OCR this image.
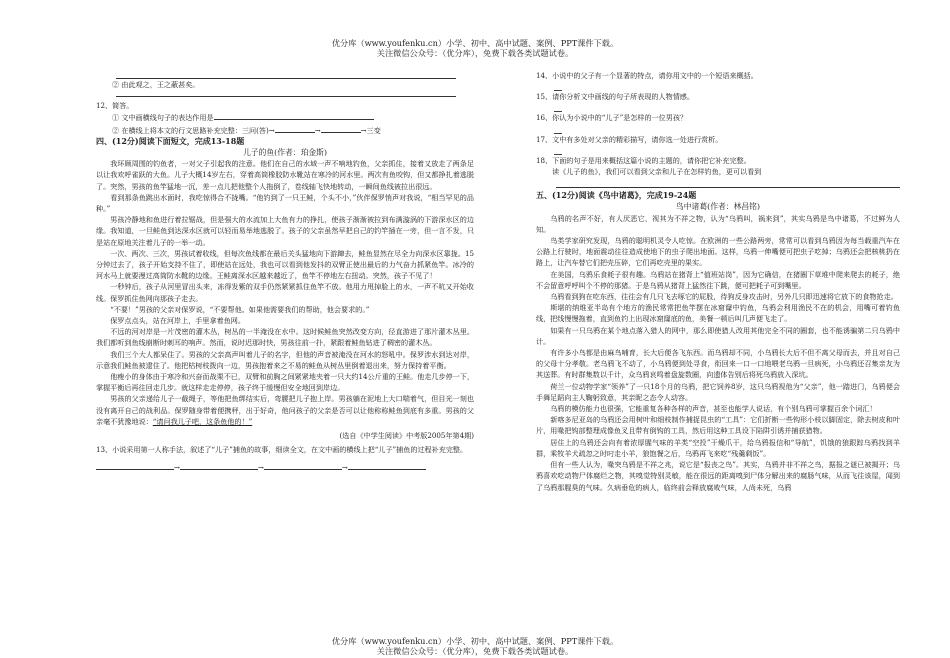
优分库（www.youfenku.cn）小学、初中、高中试题、案例、PPT课件下载。
关注微信公众号：（优分库），免费下载各类试题试卷。

② 由此观之，王之蔽甚矣。

12、简答。

① 文中画横线句子的表达作用是

② 在横线上将本文的行文思路补充完整：三问(答)→	→	→三变

四、(12分)阅读下面短文，完成13-18题

儿子的鱼(作者：珀金斯)

我环顾周围的钓鱼者，一对父子引起我的注意。他们在自己的水域一声不响地钓鱼，父亲抓住，接着又放走了两条足以让我欢呼雀跃的大鱼。儿子大概14岁左右，穿着高筒橡胶防水靴站在寒冷的河水里。两次有鱼咬钩，但又都挣扎着逃脱了。突然，男孩的鱼竿猛地一沉，差一点儿把他整个人拖倒了，卷线轴飞快地转动，一瞬间鱼线被拉出很远。

看到那条鱼跳出水面时，我吃惊得合不拢嘴。“他钓到了一只王鲑，个头不小，”伙伴保罗悄声对我说，“相当罕见的品种。”

男孩冷静地和鱼进行着拉锯战，但是强大的水流加上大鱼有力的挣扎，使孩子渐渐被拉到布满漩涡的下游深水区的边缘。我知道，一旦鲑鱼到达深水区就可以轻而易举地逃脱了。孩子的父亲虽然早把自己的钓竿插在一旁，但一言不发，只是站在原地关注着儿子的一举一动。

一次、两次、三次，男孩试着收线，但每次鱼线都在最后关头猛地向下游蹿去，鲑鱼显然在尽全力向深水区靠拢。15分钟过去了，孩子开始支持不住了，即使站在远处，我也可以看到他发抖的双臂正使出最后的力气奋力抓紧鱼竿。冰冷的河水马上就要漫过高筒防水靴的边缘。王鲑离深水区越来越近了，鱼竿不停地左右扭动。突然，孩子不见了！

一秒钟后，孩子从河里冒出头来，冻得发紫的双手仍然紧紧抓住鱼竿不放。他用力甩掉脸上的水，一声不吭又开始收线。保罗抓住鱼网向那孩子走去。

“不要！”男孩的父亲对保罗说，“不要帮他。如果他需要我们的帮助，他会要求的。”

保罗点点头，站在河岸上，手里拿着鱼网。

不远的河对岸是一片茂密的灌木丛，树丛的一半淹没在水中。这时候鲑鱼突然改变方向，径直游进了那片灌木丛里。我们都听到鱼线崩断时刺耳的响声。然而，说时迟那时快，男孩往前一扑，紧跟着鲑鱼钻进了稠密的灌木丛。

我们三个大人都呆住了。男孩的父亲高声叫着儿子的名字，但他的声音被淹没在河水的怒吼中。保罗涉水到达对岸，示意我们鲑鱼被逮住了。他把枯树枝拨向一边，男孩抱着来之不易的鲑鱼从树丛里倒着退出来，努力保持着平衡。

他瘦小的身体由于寒冷和兴奋而战栗不已，双臂和前胸之间紧紧地夹着一只大约14公斤重的王鲑。他走几步停一下，掌握平衡后再往回走几步。就这样走走停停，孩子终于缓慢但安全地回到岸边。

男孩的父亲递给儿子一截绳子，等他把鱼绑结实后，弯腰把儿子抱上岸。男孩躺在泥地上大口喘着气，但目光一刻也没有离开自己的战利品。保罗随身带着便携秤，出于好奇，他问孩子的父亲是否可以让他称称鲑鱼到底有多重。男孩的父亲毫不犹豫地说：“请问我儿子吧，这条鱼他的！”

(选自《中学生阅读》中考版2005年第4期)

13、小说采用第一人称手法，叙述了“儿子”捕鱼的故事，细读全文，在文中画的横线上把“儿子”捕鱼的过程补充完整。

→	→	→

14、小说中的父子有一个显著的特点，请你用文中的一个短语来概括。

15、请你分析文中画线的句子所表现的人物情感。

16、你认为小说中的“儿子”是怎样的一位男孩？

17、文中有多处对父亲的精彩描写，请你选一处进行赏析。

18、下面的句子是用来概括这篇小说的主题的，请你把它补充完整。

读《儿子的鱼》，我们可以看到父亲和儿子在怎样钓鱼，更可以看到

五、(12分)阅读《鸟中诸葛》，完成19-24题

鸟中诸葛(作者：林昌铭)

乌鸦的名声不好，有人厌恶它，视其为不祥之物，认为“乌鸦叫，祸来到”，其实乌鸦是鸟中诸葛，不过鲜为人知。

鸟类学家研究发现，乌鸦的聪明机灵令人吃惊。在欧洲的一些公路两旁，常常可以看到乌鸦因为每当载重汽车在公路上行驶时，地面震动往往造成使地下的虫子爬出地面。这样，乌鸦一伸嘴便可把虫子吃掉；乌鸦还会把核桃扔在路上，让汽车替它们把壳压碎，它们再吃壳里的果实。

在美国，乌鸦乐食耗子很有趣。乌鸦站在猪背上“值班站岗”，因为它确信，在猪圈下草堆中爬来爬去的耗子，绝不会留意呼呼叫个不停的那猪。于是乌鸦从猪背上猛然往下跳，便可把耗子可到嘴里。

乌鸦看到狗在吃东西，往往会有几只飞去啄它的屁股，待狗反身攻击时，另外几只即迅速将它放下的食物抢走。

斯堪的纳维亚半岛有个地方的渔民常常把鱼竿摆在冰窟窿中钓鱼，乌鸦会利用渔民不在的机会，用嘴可着钓鱼线，把线慢慢拖着，直到鱼钓上出现冰窟窿底的鱼，美餐一顿后叫几声便飞走了。

如果有一只乌鸦在某个地点落入猎人的网中，那么即使猎人改用其他完全不同的圈套，也不能诱骗第二只乌鸦中计。

有许多小鸟都是由麻鸟哺育，长大后便各飞东西。而乌鸦却不同，小乌鸦长大后不但不离父母而去，并且对自己的父母十分孝敬。老乌鸦飞不动了，小乌鸦便到处寻食，衔回来一口一口地喂老乌鸦一旦病死，小乌鸦还召集亲友为其送葬。有时群集数以千计，众乌鸦哀鸣着盘旋数圈，向遗体告别后将死乌鸦放入深坑。

荷兰一位动物学家“领养”了一只18个月的乌鸦，把它饲养8岁，这只乌鸦视他为“父亲”，他一踏进门，乌鸦便会手舞足蹈向主人鞠躬致意，其亲昵之态令人动容。

乌鸦的模仿能力也很强，它能重复各种各样的声音，甚至也能学人说话，有个别乌鸦可掌握百余个词汇！

新喀多尼亚岛的乌鸦还会用树叶和细枝制作捕捉昆虫的“工具”：它们折断一些钩形小枝以脚固定，除去树皮和叶片，用喙把钩部整理成像鱼叉且带有倒钩的工具，然后用这种工具设下陷阱引诱并捕获猎物。

居住上的乌鸦还会向有着浓厚腥气味的羊类“空投”干燥爪干，给乌鸦报信和“导航”，饥饿的狼跟踪乌鸦找到羊群，乘牧羊犬疏忽之时叼走小羊，狼饱餐之后，乌鸦再飞来吃“残羹剩饭”。

但有一些人认为，喙突乌鸦是不祥之兆，说它是“报丧之鸟”。其实，乌鸦并非不祥之鸟，据报之谜已被揭开；乌鸦喜欢吃动物尸体腐烂之物，其嗅觉特别灵敏，能在很远的距离嗅到尸体分解出来的腐肠气味，从而飞往该屋，闻到了乌鸦那腥臭的气味。久病垂危的病人，临终前会释放腐败气味，人尚未死，乌鸦

优分库（www.youfenku.cn）小学、初中、高中试题、案例、PPT课件下载。
关注微信公众号：（优分库），免费下载各类试题试卷。
